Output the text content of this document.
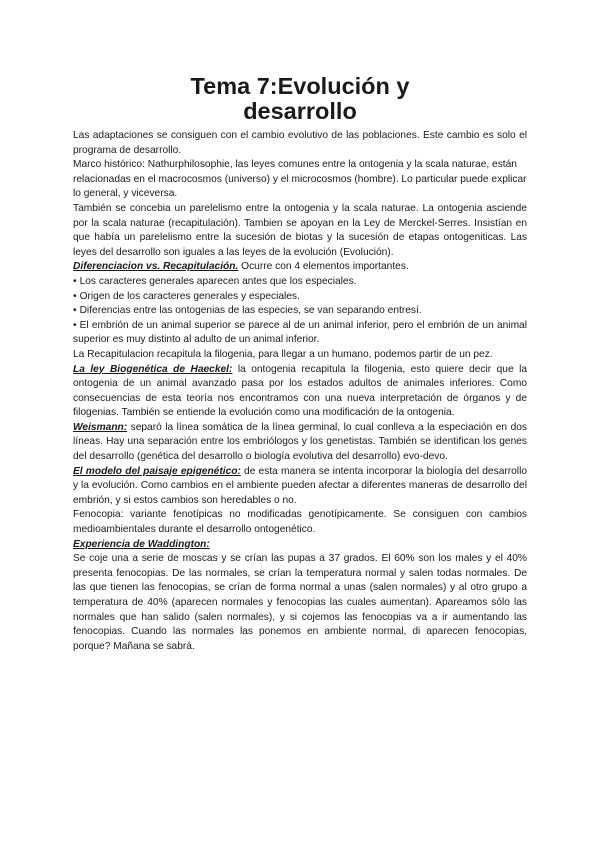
Tema 7:Evolución y
desarrollo

Las adaptaciones se consiguen con el cambio evolutivo de las poblaciones. Este cambio es solo el programa de desarrollo.

Marco histórico: Nathurphilosophie, las leyes comunes entre la ontogenia y la scala naturae, están relacionadas en el macrocosmos (universo) y el microcosmos (hombre). Lo particular puede explicar lo general, y viceversa.

También se concebia un parelelismo entre la ontogenia y la scala naturae. La ontogenia asciende por la scala naturae (recapitulación). Tambien se apoyan en la Ley de Merckel-Serres. Insistían en que había un parelelismo entre la sucesión de biotas y la sucesión de etapas ontogeniticas. Las leyes del desarrollo son iguales a las leyes de la evolución (Evolución).

Diferenciacion vs. Recapitulación. Ocurre con 4 elementos importantes.

• Los caracteres generales aparecen antes que los especiales.

• Origen de los caracteres generales y especiales.

• Diferencias entre las ontogenias de las especies, se van separando entresí.

• El embrión de un animal superior se parece al de un animal inferior, pero el embrión de un animal superior es muy distinto al adulto de un animal inferior.

La Recapitulacion recapitula la filogenia, para llegar a un humano, podemos partir de un pez.

La ley Biogenética de Haeckel: la ontogenia recapitula la filogenia, esto quiere decir que la ontogenia de un animal avanzado pasa por los estados adultos de animales inferiores. Como consecuencias de esta teoría nos encontramos con una nueva interpretación de órganos y de filogenias. También se entiende la evolución como una modificación de la ontogenia.

Weismann: separó la línea somática de la línea germinal, lo cual conlleva a la especiación en dos líneas. Hay una separación entre los embriólogos y los genetistas. También se identifican los genes del desarrollo (genética del desarrollo o biología evolutiva del desarrollo) evo-devo.

El modelo del paisaje epigenético: de esta manera se intenta incorporar la biología del desarrollo y la evolución. Como cambios en el ambiente pueden afectar a diferentes maneras de desarrollo del embrión, y si estos cambios son heredables o no.

Fenocopia: variante fenotípicas no modificadas genotípicamente. Se consiguen con cambios medioambientales durante el desarrollo ontogenético.

Experiencia de Waddington:

Se coje una a serie de moscas y se crían las pupas a 37 grados. El 60% son los males y el 40% presenta fenocopias. De las normales, se crían la temperatura normal y salen todas normales. De las que tienen las fenocopias, se crían de forma normal a unas (salen normales) y al otro grupo a temperatura de 40% (aparecen normales y fenocopias las cuales aumentan). Apareamos sólo las normales que han salido (salen normales), y si cojemos las fenocopias va a ir aumentando las fenocopias. Cuando las normales las ponemos en ambiente normal, di aparecen fenocopias, porque? Mañana se sabrá.
